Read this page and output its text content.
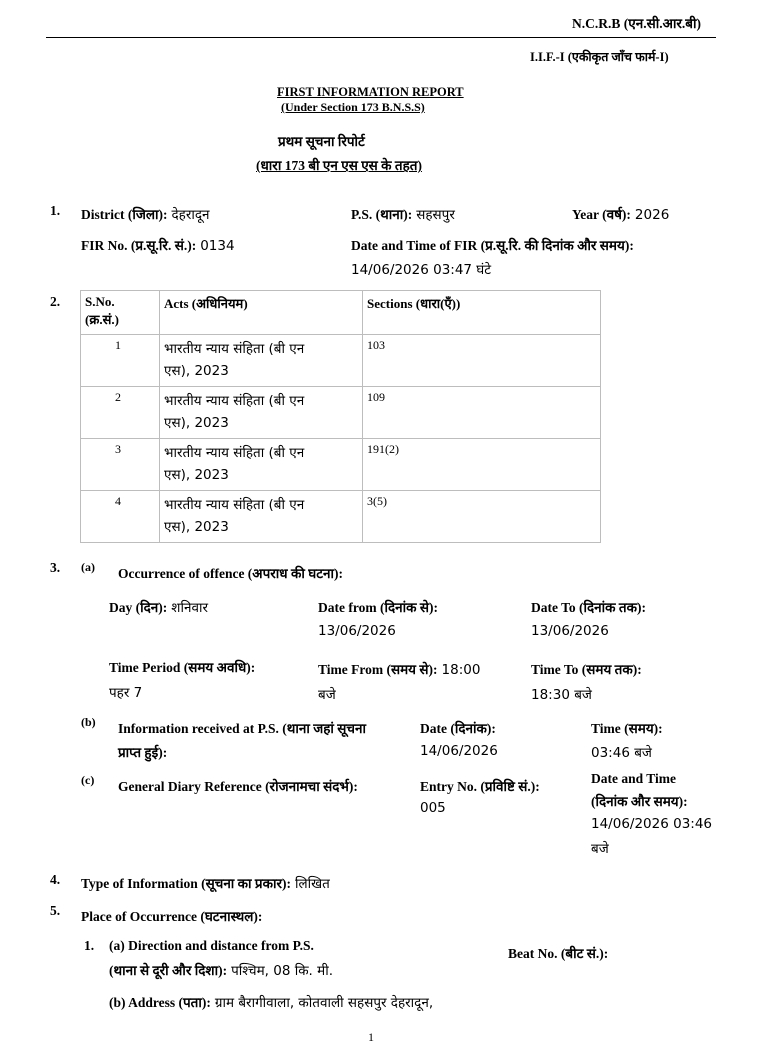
N.C.R.B (एन.सी.आर.बी)
I.I.F.-I (एकीकृत जाँच फार्म-I)
FIRST INFORMATION REPORT
(Under Section 173 B.N.S.S)
प्रथम सूचना रिपोर्ट
(धारा 173 बी एन एस एस के तहत)
1. District (जिला): देहरादून	P.S. (थाना): सहसपुर	Year (वर्ष): 2026
FIR No. (प्र.सू.रि. सं.): 0134	Date and Time of FIR (प्र.सू.रि. की दिनांक और समय):
14/06/2026 03:47 घंटे
2. S.No.
(क्र.सं.)	Acts (अधिनियम)	Sections (धारा(एँ))

1	भारतीय न्याय संहिता (बी एन
एस), 2023	103

2	भारतीय न्याय संहिता (बी एन
एस), 2023	109

3	भारतीय न्याय संहिता (बी एन
एस), 2023	191(2)

4	भारतीय न्याय संहिता (बी एन
एस), 2023	3(5)
3. (a) Occurrence of offence (अपराध की घटना):
Day (दिन): शनिवार	Date from (दिनांक से):
13/06/2026
Date To (दिनांक तक):
13/06/2026
Time Period (समय अवधि):
पहर 7
Time From (समय से): 18:00
बजे
Time To (समय तक):
18:30 बजे
(b) Information received at P.S. (थाना जहां सूचना
प्राप्त हुई):
Date (दिनांक):
14/06/2026
Time (समय):
03:46 बजे
(c) General Diary Reference (रोजनामचा संदर्भ):	Entry No. (प्रविष्टि सं.):
005
Date and Time
(दिनांक और समय):
14/06/2026 03:46
बजे
4. Type of Information (सूचना का प्रकार): लिखित
5. Place of Occurrence (घटनास्थल):
1. (a) Direction and distance from P.S.
(थाना से दूरी और दिशा): पश्चिम, 08 कि. मी.
Beat No. (बीट सं.):
(b) Address (पता): ग्राम बैरागीवाला, कोतवाली सहसपुर देहरादून,
1
